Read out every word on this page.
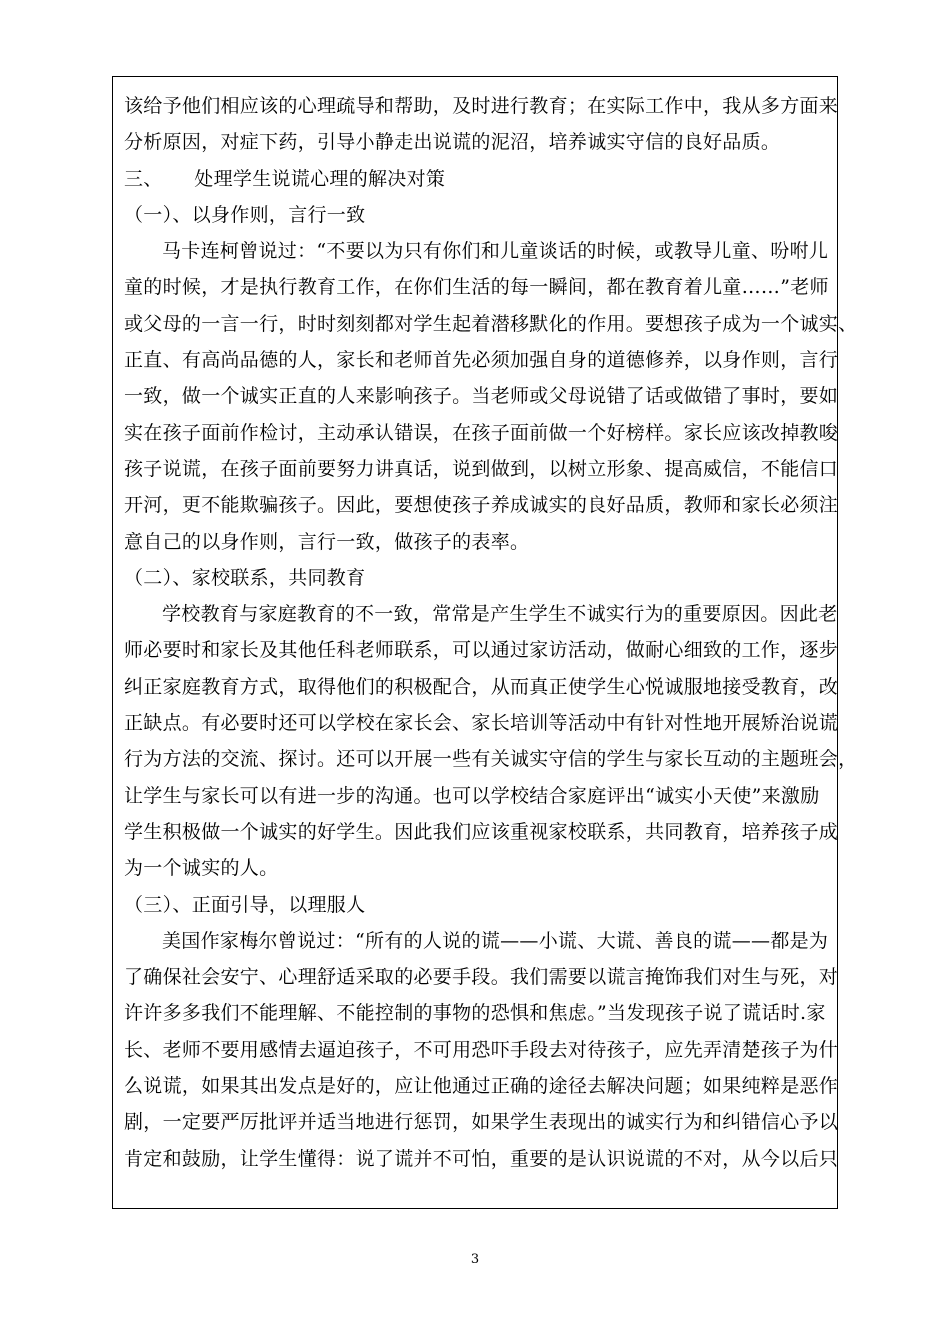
该给予他们相应该的心理疏导和帮助，及时进行教育；在实际工作中，我从多方面来
分析原因，对症下药，引导小静走出说谎的泥沼，培养诚实守信的良好品质。
三、     处理学生说谎心理的解决对策
（一）、以身作则，言行一致
马卡连柯曾说过：“不要以为只有你们和儿童谈话的时候，或教导儿童、吩咐儿
童的时候，才是执行教育工作，在你们生活的每一瞬间，都在教育着儿童……”老师
或父母的一言一行，时时刻刻都对学生起着潜移默化的作用。要想孩子成为一个诚实、
正直、有高尚品德的人，家长和老师首先必须加强自身的道德修养，以身作则，言行
一致，做一个诚实正直的人来影响孩子。当老师或父母说错了话或做错了事时，要如
实在孩子面前作检讨，主动承认错误，在孩子面前做一个好榜样。家长应该改掉教唆
孩子说谎，在孩子面前要努力讲真话，说到做到，以树立形象、提高威信，不能信口
开河，更不能欺骗孩子。因此，要想使孩子养成诚实的良好品质，教师和家长必须注
意自己的以身作则，言行一致，做孩子的表率。
（二）、家校联系，共同教育
学校教育与家庭教育的不一致，常常是产生学生不诚实行为的重要原因。因此老
师必要时和家长及其他任科老师联系，可以通过家访活动，做耐心细致的工作，逐步
纠正家庭教育方式，取得他们的积极配合，从而真正使学生心悦诚服地接受教育，改
正缺点。有必要时还可以学校在家长会、家长培训等活动中有针对性地开展矫治说谎
行为方法的交流、探讨。还可以开展一些有关诚实守信的学生与家长互动的主题班会，
让学生与家长可以有进一步的沟通。也可以学校结合家庭评出“诚实小天使”来激励
学生积极做一个诚实的好学生。因此我们应该重视家校联系，共同教育，培养孩子成
为一个诚实的人。
（三）、正面引导，以理服人
美国作家梅尔曾说过：“所有的人说的谎——小谎、大谎、善良的谎——都是为
了确保社会安宁、心理舒适采取的必要手段。我们需要以谎言掩饰我们对生与死，对
许许多多我们不能理解、不能控制的事物的恐惧和焦虑。”当发现孩子说了谎话时.家
长、老师不要用感情去逼迫孩子，不可用恐吓手段去对待孩子，应先弄清楚孩子为什
么说谎，如果其出发点是好的，应让他通过正确的途径去解决问题；如果纯粹是恶作
剧，一定要严厉批评并适当地进行惩罚，如果学生表现出的诚实行为和纠错信心予以
肯定和鼓励，让学生懂得：说了谎并不可怕，重要的是认识说谎的不对，从今以后只
3
